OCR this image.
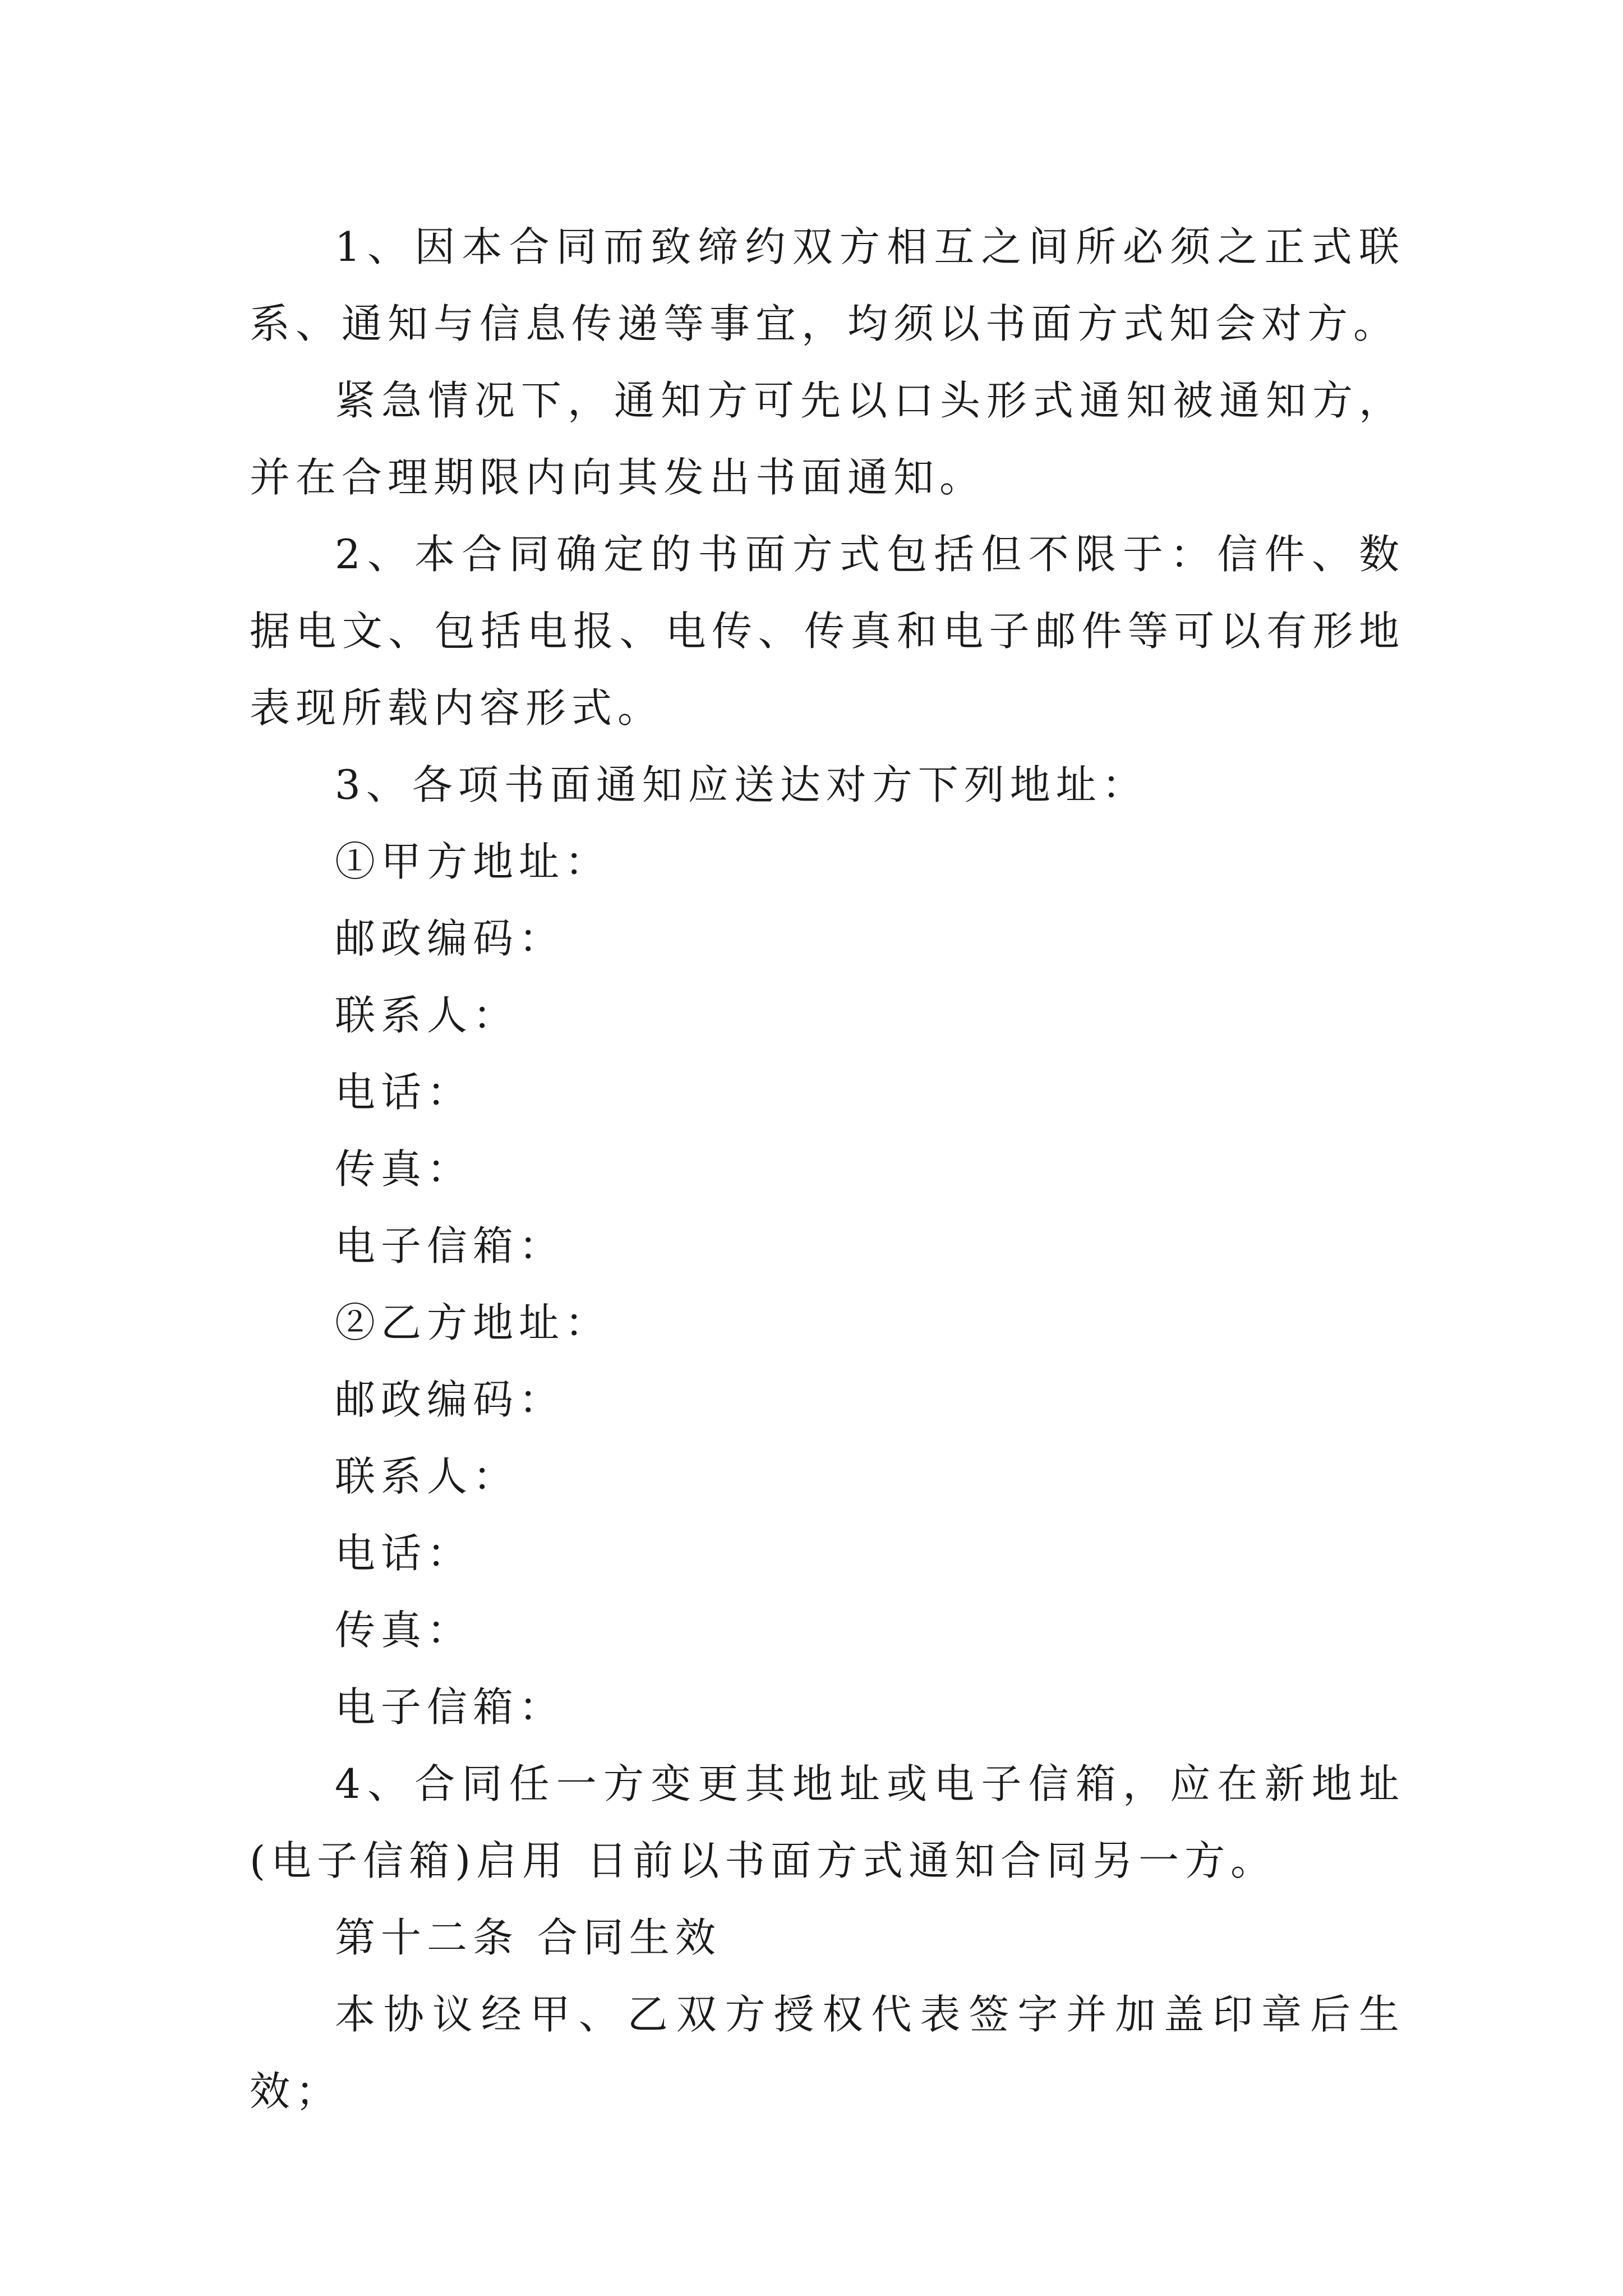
1、因本合同而致缔约双方相互之间所必须之正式联系、通知与信息传递等事宜，均须以书面方式知会对方。

紧急情况下，通知方可先以口头形式通知被通知方，并在合理期限内向其发出书面通知。

2、本合同确定的书面方式包括但不限于：信件、数据电文、包括电报、电传、传真和电子邮件等可以有形地表现所载内容形式。

3、各项书面通知应送达对方下列地址：

①甲方地址：

邮政编码：

联系人：

电话：

传真：

电子信箱：

②乙方地址：

邮政编码：

联系人：

电话：

传真：

电子信箱：

4、合同任一方变更其地址或电子信箱，应在新地址(电子信箱)启用 日前以书面方式通知合同另一方。

第十二条 合同生效

本协议经甲、乙双方授权代表签字并加盖印章后生效；
